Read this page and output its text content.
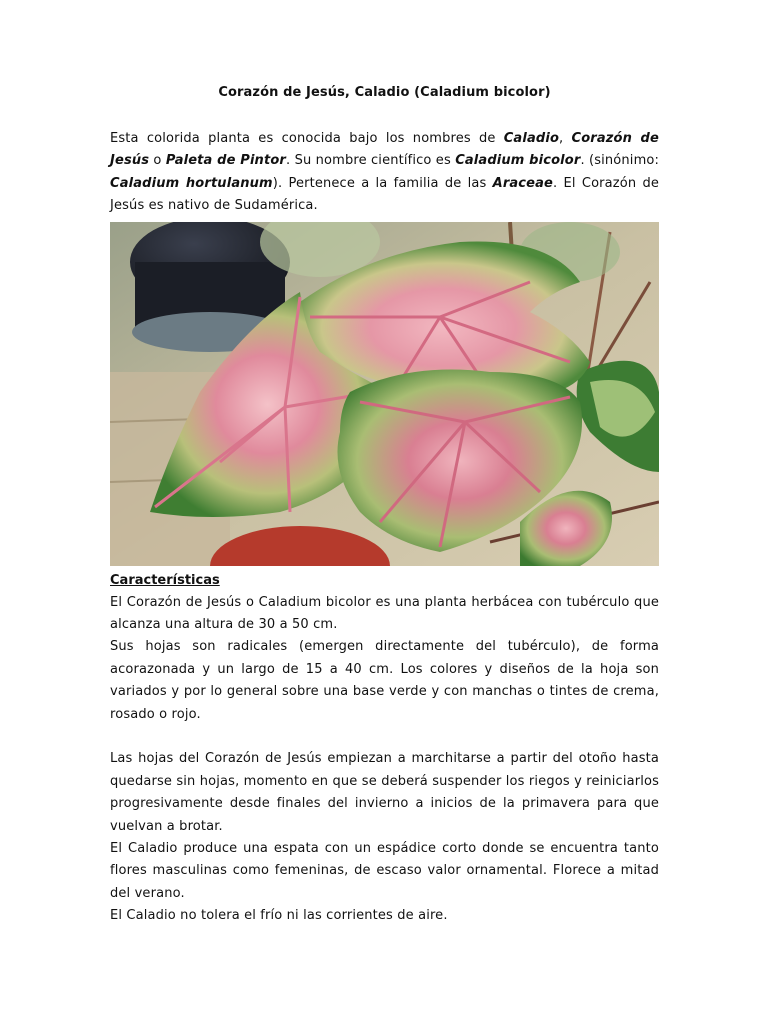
Corazón de Jesús, Caladio (Caladium bicolor)

Esta colorida planta es conocida bajo los nombres de Caladio, Corazón de Jesús o Paleta de Pintor. Su nombre científico es Caladium bicolor. (sinónimo: Caladium hortulanum). Pertenece a la familia de las Araceae. El Corazón de Jesús es nativo de Sudamérica.

Características

El Corazón de Jesús o Caladium bicolor es una planta herbácea con tubérculo que alcanza una altura de 30 a 50 cm.

Sus hojas son radicales (emergen directamente del tubérculo), de forma acorazonada y un largo de 15 a 40 cm. Los colores y diseños de la hoja son variados y por lo general sobre una base verde y con manchas o tintes de crema, rosado o rojo.

Las hojas del Corazón de Jesús empiezan a marchitarse a partir del otoño hasta quedarse sin hojas, momento en que se deberá suspender los riegos y reiniciarlos progresivamente desde finales del invierno a inicios de la primavera para que vuelvan a brotar.

El Caladio produce una espata con un espádice corto donde se encuentra tanto flores masculinas como femeninas, de escaso valor ornamental. Florece a mitad del verano.

El Caladio no tolera el frío ni las corrientes de aire.
